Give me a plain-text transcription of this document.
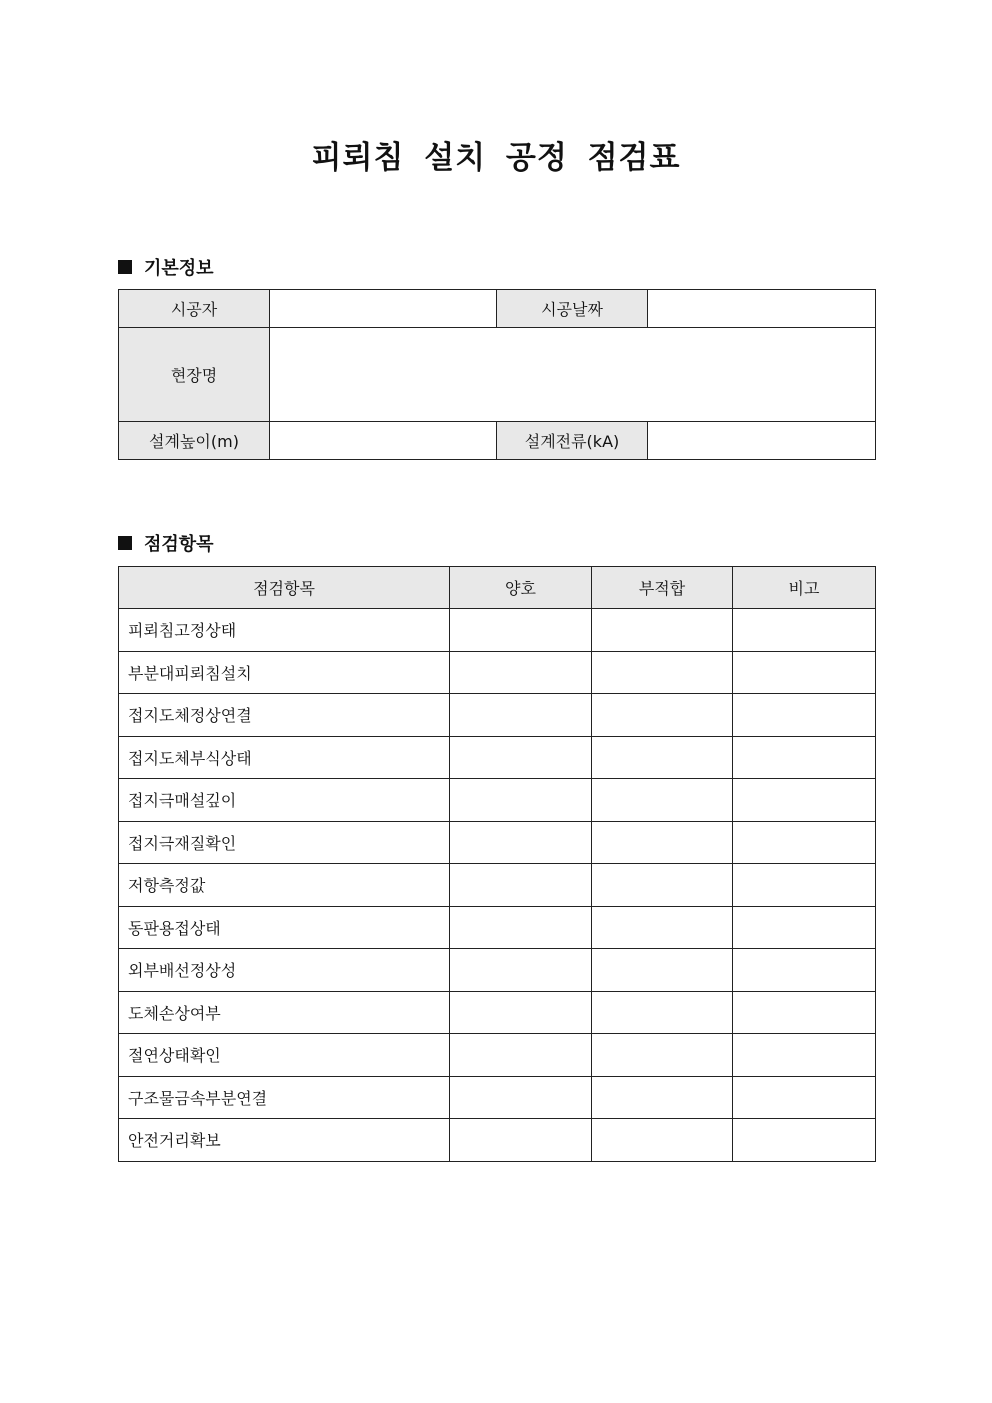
피뢰침 설치 공정 점검표
기본정보
시공자		시공날짜	
현장명			
설계높이(m)		설계전류(kA)	
점검항목
점검항목	양호	부적합	비고
피뢰침고정상태			
부분대피뢰침설치			
접지도체정상연결			
접지도체부식상태			
접지극매설깊이			
접지극재질확인			
저항측정값			
동판용접상태			
외부배선정상성			
도체손상여부			
절연상태확인			
구조물금속부분연결			
안전거리확보			
